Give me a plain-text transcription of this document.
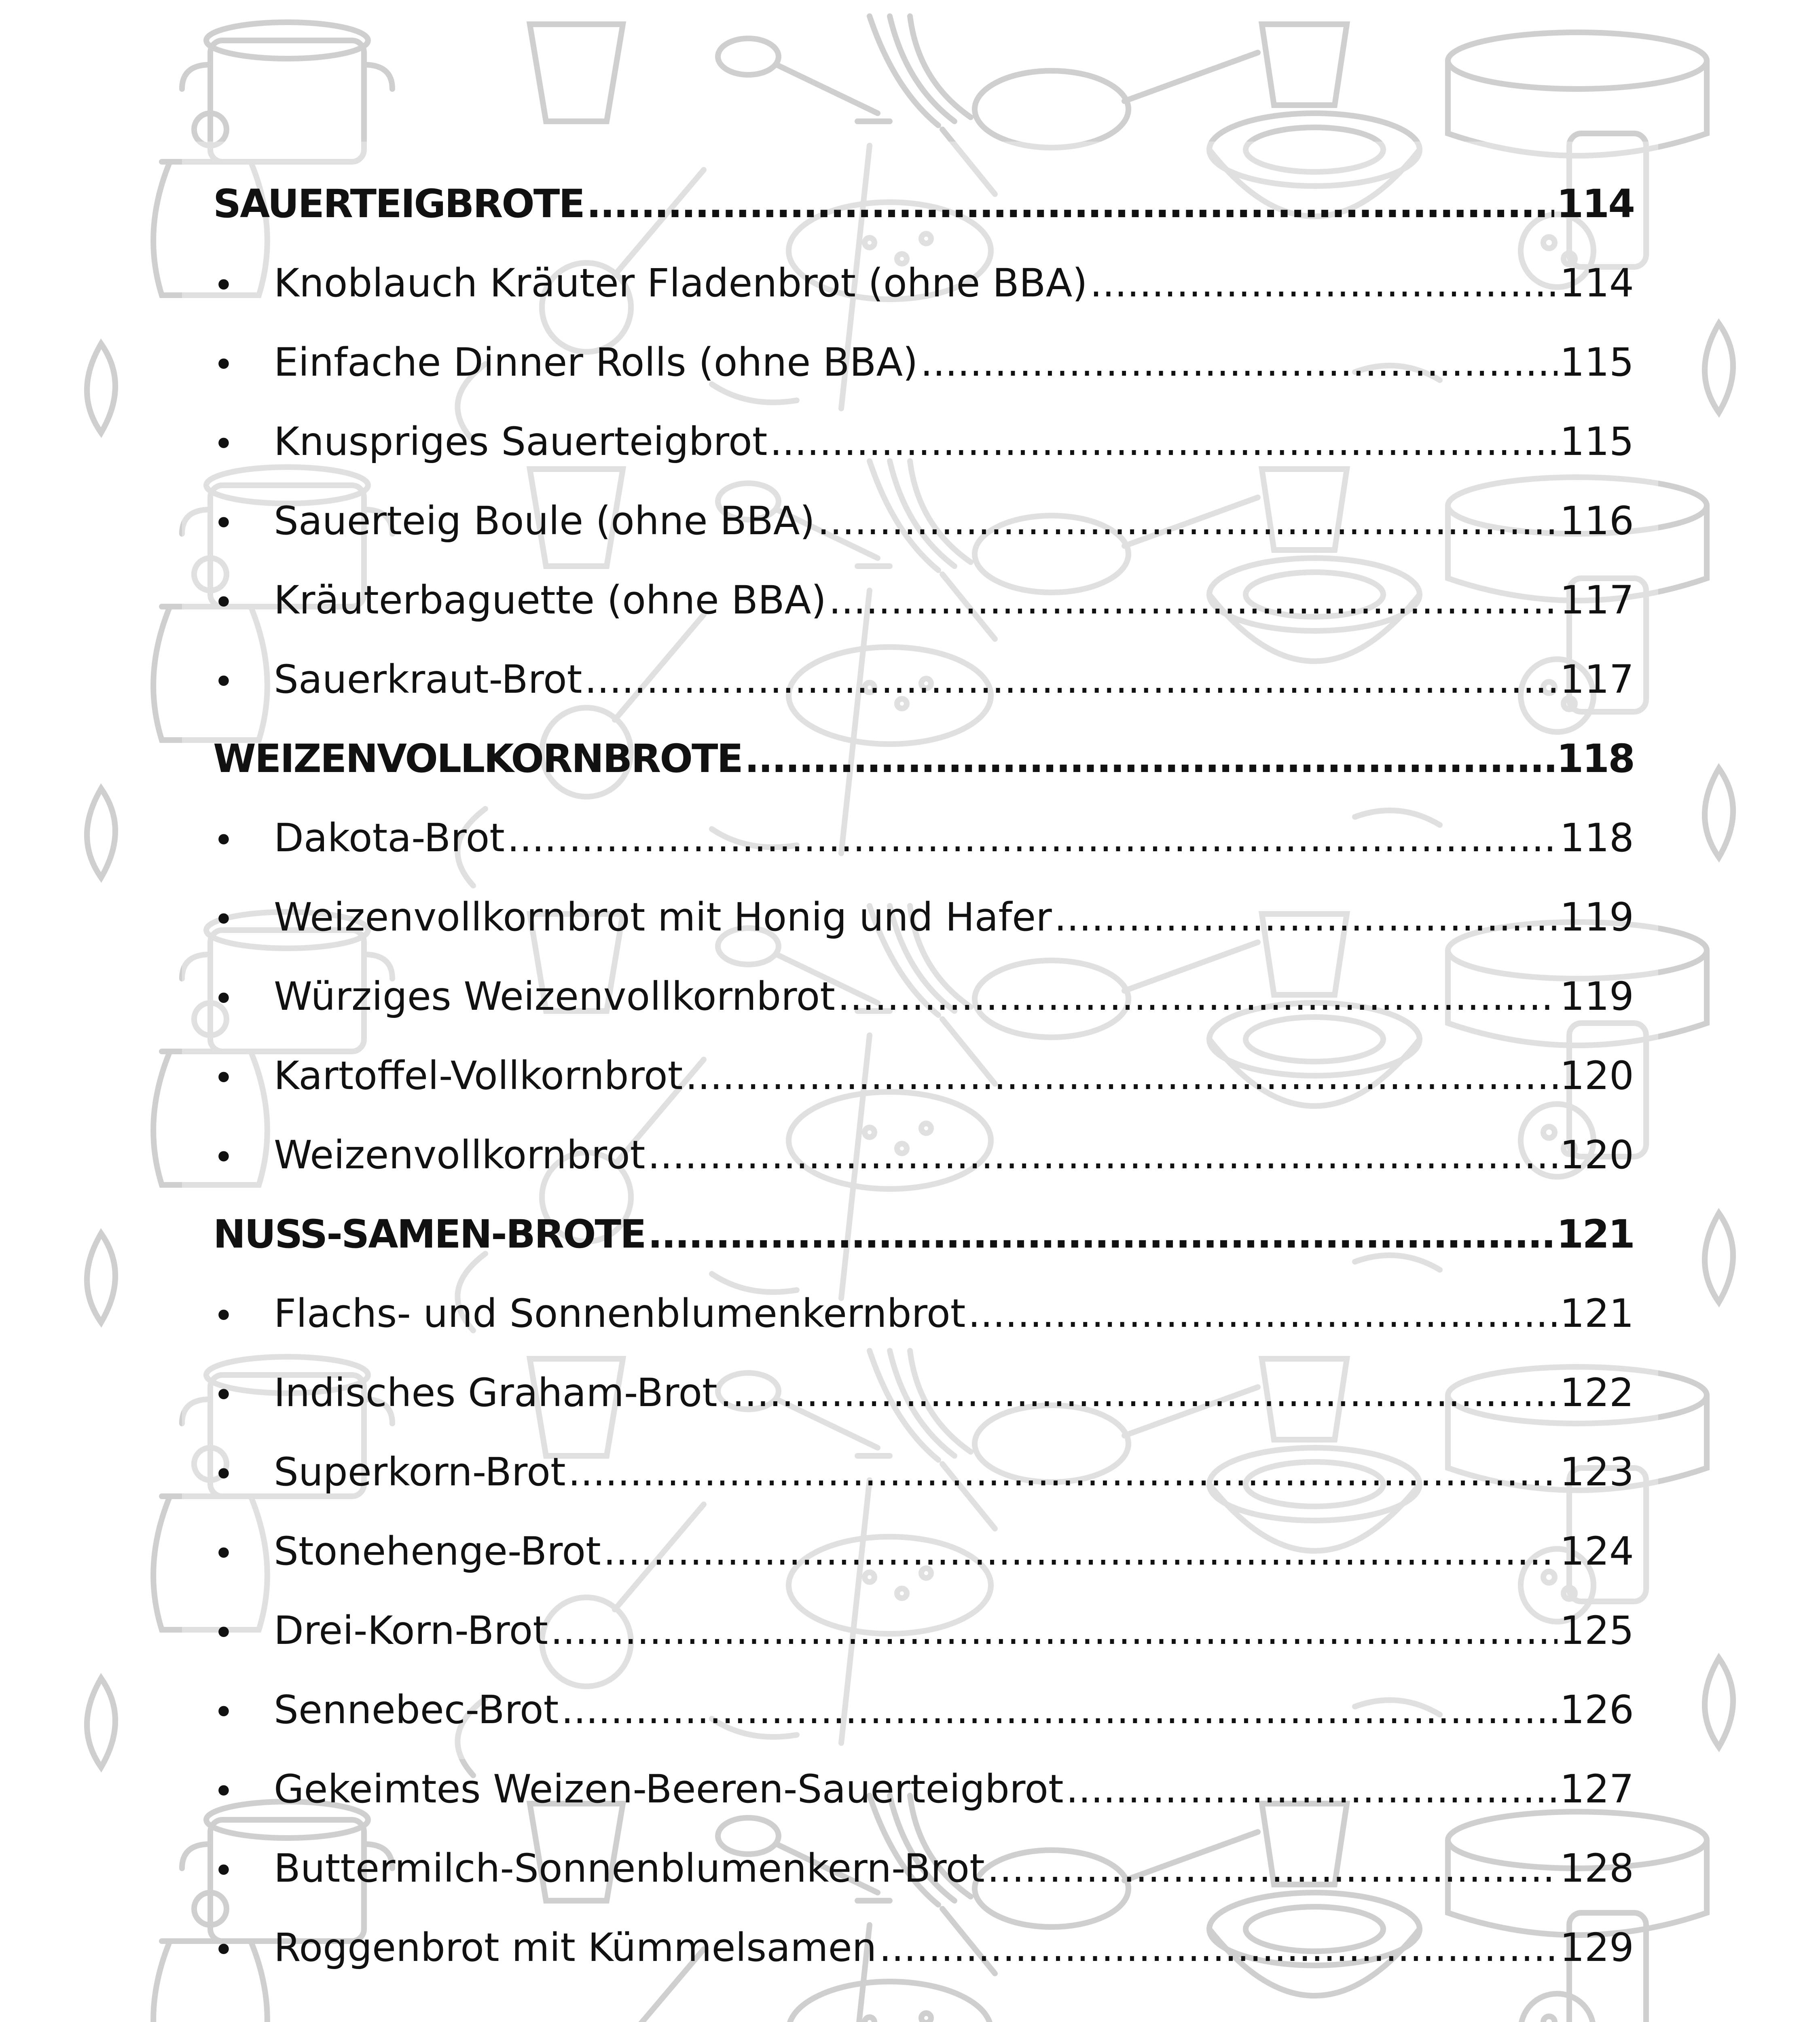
SAUERTEIGBROTE .....	114
•	Knoblauch Kräuter Fladenbrot (ohne BBA) .....	114
•	Einfache Dinner Rolls (ohne BBA) .....	115
•	Knuspriges Sauerteigbrot .....	115
•	Sauerteig Boule (ohne BBA) .....	116
•	Kräuterbaguette (ohne BBA) .....	117
•	Sauerkraut-Brot .....	117
WEIZENVOLLKORNBROTE .....	118
•	Dakota-Brot .....	118
•	Weizenvollkornbrot mit Honig und Hafer .....	119
•	Würziges Weizenvollkornbrot .....	119
•	Kartoffel-Vollkornbrot .....	120
•	Weizenvollkornbrot .....	120
NUSS-SAMEN-BROTE .....	121
•	Flachs- und Sonnenblumenkernbrot .....	121
•	Indisches Graham-Brot .....	122
•	Superkorn-Brot .....	123
•	Stonehenge-Brot .....	124
•	Drei-Korn-Brot .....	125
•	Sennebec-Brot .....	126
•	Gekeimtes Weizen-Beeren-Sauerteigbrot .....	127
•	Buttermilch-Sonnenblumenkern-Brot .....	128
•	Roggenbrot mit Kümmelsamen .....	129
